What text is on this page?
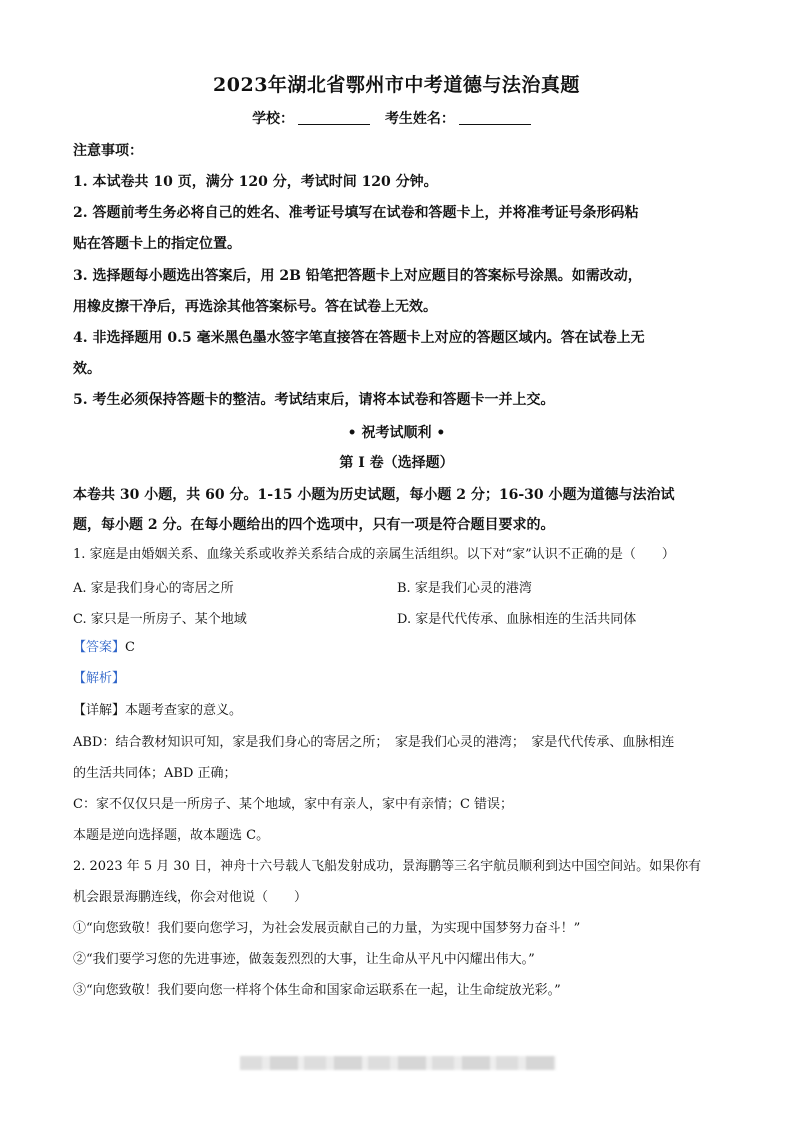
2023年湖北省鄂州市中考道德与法治真题
学校：	考生姓名：
注意事项：
1. 本试卷共 10 页，满分 120 分，考试时间 120 分钟。
2. 答题前考生务必将自己的姓名、准考证号填写在试卷和答题卡上，并将准考证号条形码粘
贴在答题卡上的指定位置。
3. 选择题每小题选出答案后，用 2B 铅笔把答题卡上对应题目的答案标号涂黑。如需改动，
用橡皮擦干净后，再选涂其他答案标号。答在试卷上无效。
4. 非选择题用 0.5 毫米黑色墨水签字笔直接答在答题卡上对应的答题区域内。答在试卷上无
效。
5. 考生必须保持答题卡的整洁。考试结束后，请将本试卷和答题卡一并上交。
• 祝考试顺利 •
第 I 卷（选择题）
本卷共 30 小题，共 60 分。1-15 小题为历史试题，每小题 2 分；16-30 小题为道德与法治试
题，每小题 2 分。在每小题给出的四个选项中，只有一项是符合题目要求的。
1. 家庭是由婚姻关系、血缘关系或收养关系结合成的亲属生活组织。以下对“家”认识不正确的是（　　）
A. 家是我们身心的寄居之所	B. 家是我们心灵的港湾
C. 家只是一所房子、某个地域	D. 家是代代传承、血脉相连的生活共同体
【答案】C
【解析】
【详解】本题考查家的意义。
ABD：结合教材知识可知，家是我们身心的寄居之所；　家是我们心灵的港湾；　家是代代传承、血脉相连
的生活共同体；ABD 正确；
C：家不仅仅只是一所房子、某个地域，家中有亲人，家中有亲情；C 错误；
本题是逆向选择题，故本题选 C。
2. 2023 年 5 月 30 日，神舟十六号载人飞船发射成功，景海鹏等三名宇航员顺利到达中国空间站。如果你有
机会跟景海鹏连线，你会对他说（　　）
①“向您致敬！我们要向您学习，为社会发展贡献自己的力量，为实现中国梦努力奋斗！”
②“我们要学习您的先进事迹，做轰轰烈烈的大事，让生命从平凡中闪耀出伟大。”
③“向您致敬！我们要向您一样将个体生命和国家命运联系在一起，让生命绽放光彩。”
